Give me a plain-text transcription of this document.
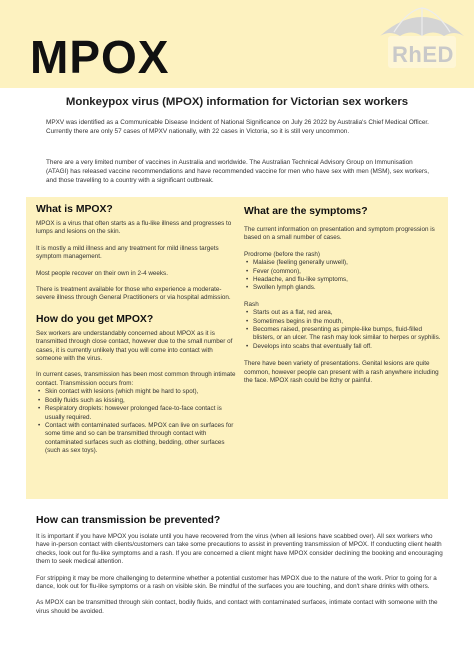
MPOX	RhED
Monkeypox virus (MPOX) information for Victorian sex workers

MPXV was identified as a Communicable Disease Incident of National Significance on July 26 2022 by Australia's Chief Medical Officer. Currently there are only 57 cases of MPXV nationally, with 22 cases in Victoria, so it is still very uncommon.

There are a very limited number of vaccines in Australia and worldwide. The Australian Technical Advisory Group on Immunisation (ATAGI) has released vaccine recommendations and have recommended vaccine for men who have sex with men (MSM), sex workers, and those travelling to a country with a significant outbreak.

What is MPOX?

MPOX is a virus that often starts as a flu-like illness and progresses to lumps and lesions on the skin.

It is mostly a mild illness and any treatment for mild illness targets symptom management.

Most people recover on their own in 2-4 weeks.

There is treatment available for those who experience a moderate-severe illness through General Practitioners or via hospital admission.

How do you get MPOX?

Sex workers are understandably concerned about MPOX as it is transmitted through close contact, however due to the small number of cases, it is currently unlikely that you will come into contact with someone with the virus.

In current cases, transmission has been most common through intimate contact. Transmission occurs from:

• Skin contact with lesions (which might be hard to spot),
• Bodily fluids such as kissing,
• Respiratory droplets: however prolonged face-to-face contact is usually required.
• Contact with contaminated surfaces. MPOX can live on surfaces for some time and so can be transmitted through contact with contaminated surfaces such as clothing, bedding, other surfaces (such as sex toys).
What are the symptoms?

The current information on presentation and symptom progression is based on a small number of cases.

Prodrome (before the rash)

• Malaise (feeling generally unwell),
• Fever (common),
• Headache, and flu-like symptoms,
• Swollen lymph glands.

Rash

• Starts out as a flat, red area,
• Sometimes begins in the mouth,
• Becomes raised, presenting as pimple-like bumps, fluid-filled blisters, or an ulcer. The rash may look similar to herpes or syphilis.
• Develops into scabs that eventually fall off.

There have been variety of presentations. Genital lesions are quite common, however people can present with a rash anywhere including the face. MPOX rash could be itchy or painful.

How can transmission be prevented?

It is important if you have MPOX you isolate until you have recovered from the virus (when all lesions have scabbed over). All sex workers who have in-person contact with clients/customers can take some precautions to assist in preventing transmission of MPOX. If conducting client health checks, look out for flu-like symptoms and a rash. If you are concerned a client might have MPOX consider declining the booking and encouraging them to seek medical attention.

For stripping it may be more challenging to determine whether a potential customer has MPOX due to the nature of the work. Prior to going for a dance, look out for flu-like symptoms or a rash on visible skin. Be mindful of the surfaces you are touching, and don't share drinks with others.

As MPOX can be transmitted through skin contact, bodily fluids, and contact with contaminated surfaces, intimate contact with someone with the virus should be avoided.
